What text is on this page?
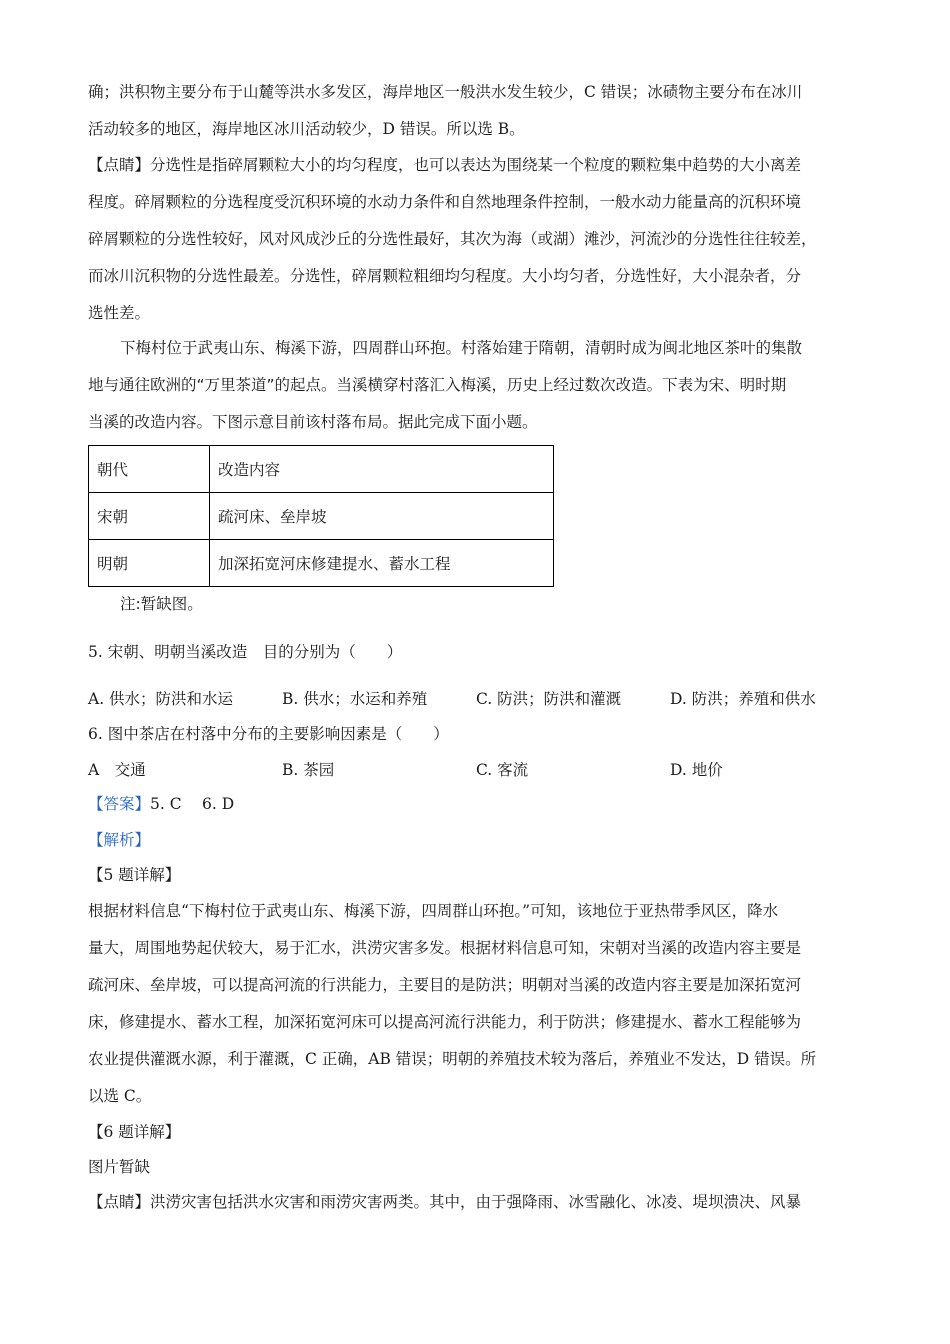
确；洪积物主要分布于山麓等洪水多发区，海岸地区一般洪水发生较少，C 错误；冰碛物主要分布在冰川
活动较多的地区，海岸地区冰川活动较少，D 错误。所以选 B。
【点睛】分选性是指碎屑颗粒大小的均匀程度，也可以表达为围绕某一个粒度的颗粒集中趋势的大小离差
程度。碎屑颗粒的分选程度受沉积环境的水动力条件和自然地理条件控制，一般水动力能量高的沉积环境
碎屑颗粒的分选性较好，风对风成沙丘的分选性最好，其次为海（或湖）滩沙，河流沙的分选性往往较差，
而冰川沉积物的分选性最差。分选性，碎屑颗粒粗细均匀程度。大小均匀者，分选性好，大小混杂者，分
选性差。
下梅村位于武夷山东、梅溪下游，四周群山环抱。村落始建于隋朝，清朝时成为闽北地区茶叶的集散
地与通往欧洲的“万里茶道”的起点。当溪横穿村落汇入梅溪，历史上经过数次改造。下表为宋、明时期
当溪的改造内容。下图示意目前该村落布局。据此完成下面小题。
朝代	改造内容
宋朝	疏河床、垒岸坡
明朝	加深拓宽河床修建提水、蓄水工程
注:暂缺图。
5. 宋朝、明朝当溪改造　目的分别为（　　）
A. 供水；防洪和水运	B. 供水；水运和养殖	C. 防洪；防洪和灌溉	D. 防洪；养殖和供水
6. 图中茶店在村落中分布的主要影响因素是（　　）
A　交通	B. 茶园	C. 客流	D. 地价
【答案】5. C　 6. D
【解析】
【5 题详解】
根据材料信息“下梅村位于武夷山东、梅溪下游，四周群山环抱。”可知，该地位于亚热带季风区，降水
量大，周围地势起伏较大，易于汇水，洪涝灾害多发。根据材料信息可知，宋朝对当溪的改造内容主要是
疏河床、垒岸坡，可以提高河流的行洪能力，主要目的是防洪；明朝对当溪的改造内容主要是加深拓宽河
床，修建提水、蓄水工程，加深拓宽河床可以提高河流行洪能力，利于防洪；修建提水、蓄水工程能够为
农业提供灌溉水源，利于灌溉，C 正确，AB 错误；明朝的养殖技术较为落后，养殖业不发达，D 错误。所
以选 C。
【6 题详解】
图片暂缺
【点睛】洪涝灾害包括洪水灾害和雨涝灾害两类。其中，由于强降雨、冰雪融化、冰凌、堤坝溃决、风暴
